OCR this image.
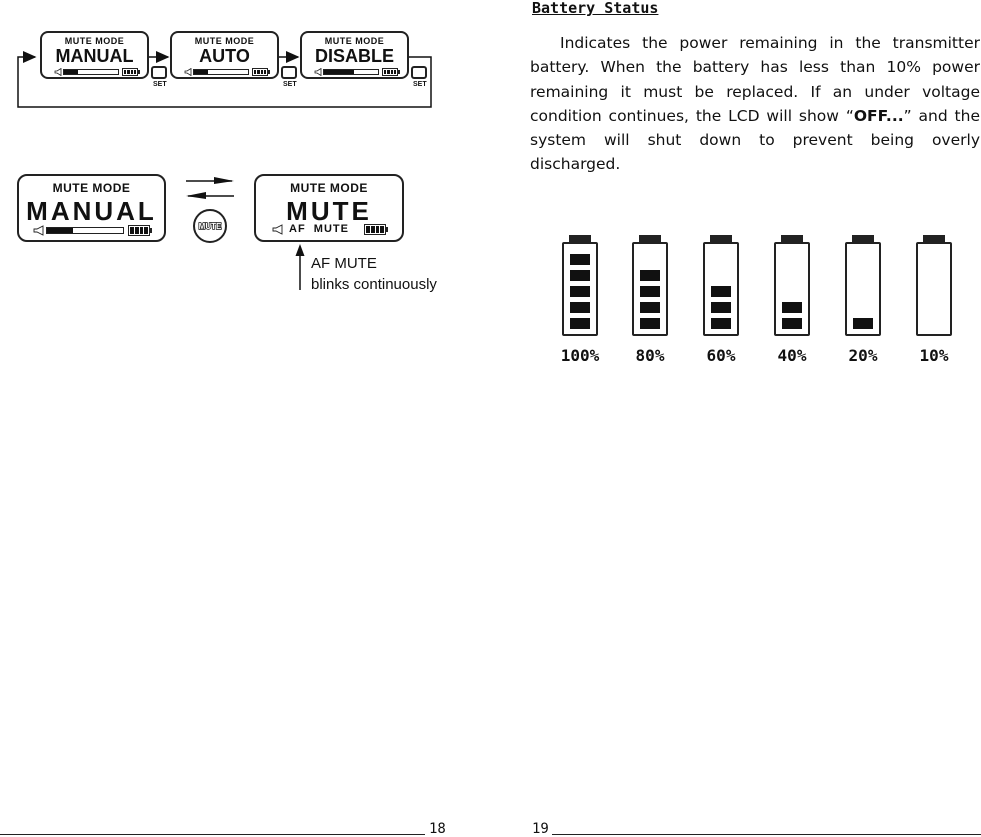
MUTE MODE
MANUAL
SET
MUTE MODE
AUTO
SET
MUTE MODE
DISABLE
SET
MUTE MODE
MANUAL	MUTE
MUTE MODE
MUTE
AF  MUTE
AF MUTE
blinks continuously
18
Battery Status
Indicates the power remaining in the transmitter battery. When the battery has less than 10% power remaining it must be replaced. If an under voltage condition continues, the LCD will show “OFF...” and the system will shut down to prevent being overly discharged.
100%	80%	60%	40%	20%	10%
19
